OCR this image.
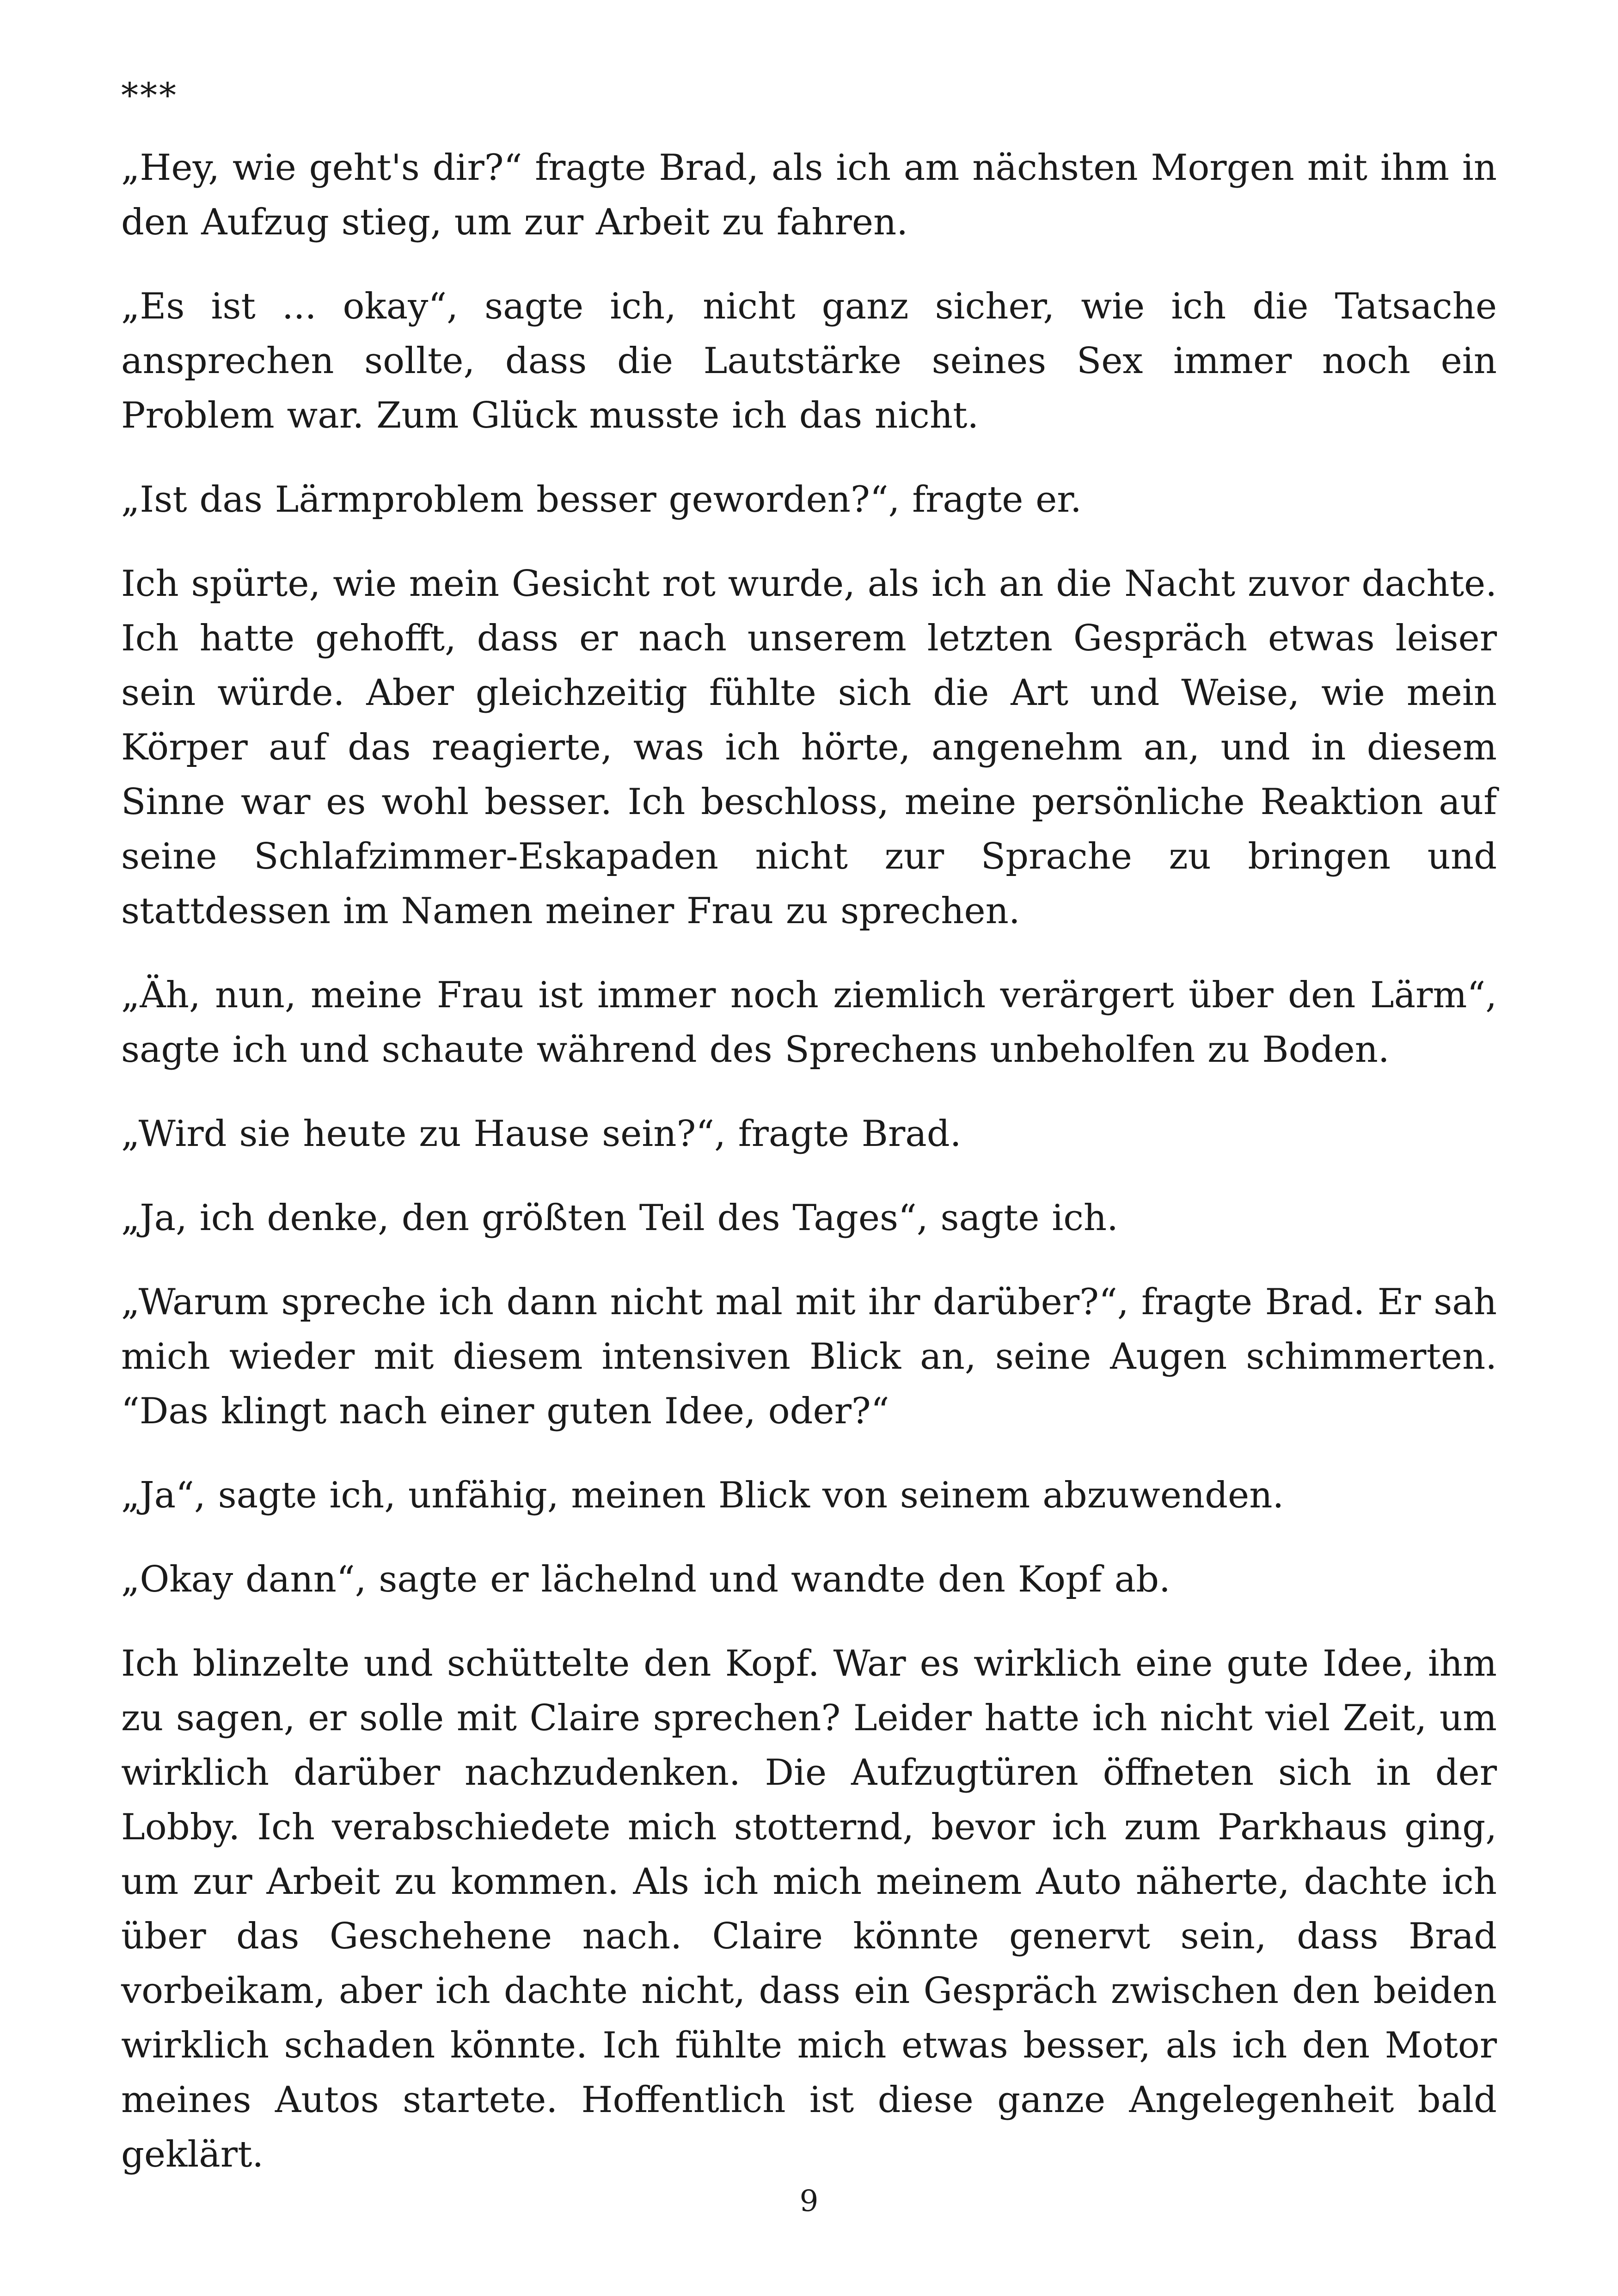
***

„Hey, wie geht's dir?“ fragte Brad, als ich am nächsten Morgen mit ihm in den Aufzug stieg, um zur Arbeit zu fahren.

„Es ist ... okay“, sagte ich, nicht ganz sicher, wie ich die Tatsache ansprechen sollte, dass die Lautstärke seines Sex immer noch ein Problem war. Zum Glück musste ich das nicht.

„Ist das Lärmproblem besser geworden?“, fragte er.

Ich spürte, wie mein Gesicht rot wurde, als ich an die Nacht zuvor dachte. Ich hatte gehofft, dass er nach unserem letzten Gespräch etwas leiser sein würde. Aber gleichzeitig fühlte sich die Art und Weise, wie mein Körper auf das reagierte, was ich hörte, angenehm an, und in diesem Sinne war es wohl besser. Ich beschloss, meine persönliche Reaktion auf seine Schlafzimmer-Eskapaden nicht zur Sprache zu bringen und stattdessen im Namen meiner Frau zu sprechen.

„Äh, nun, meine Frau ist immer noch ziemlich verärgert über den Lärm“, sagte ich und schaute während des Sprechens unbeholfen zu Boden.

„Wird sie heute zu Hause sein?“, fragte Brad.

„Ja, ich denke, den größten Teil des Tages“, sagte ich.

„Warum spreche ich dann nicht mal mit ihr darüber?“, fragte Brad. Er sah mich wieder mit diesem intensiven Blick an, seine Augen schimmerten. “Das klingt nach einer guten Idee, oder?“

„Ja“, sagte ich, unfähig, meinen Blick von seinem abzuwenden.

„Okay dann“, sagte er lächelnd und wandte den Kopf ab.

Ich blinzelte und schüttelte den Kopf. War es wirklich eine gute Idee, ihm zu sagen, er solle mit Claire sprechen? Leider hatte ich nicht viel Zeit, um wirklich darüber nachzudenken. Die Aufzugtüren öffneten sich in der Lobby. Ich verabschiedete mich stotternd, bevor ich zum Parkhaus ging, um zur Arbeit zu kommen. Als ich mich meinem Auto näherte, dachte ich über das Geschehene nach. Claire könnte genervt sein, dass Brad vorbeikam, aber ich dachte nicht, dass ein Gespräch zwischen den beiden wirklich schaden könnte. Ich fühlte mich etwas besser, als ich den Motor meines Autos startete. Hoffentlich ist diese ganze Angelegenheit bald geklärt.

9
